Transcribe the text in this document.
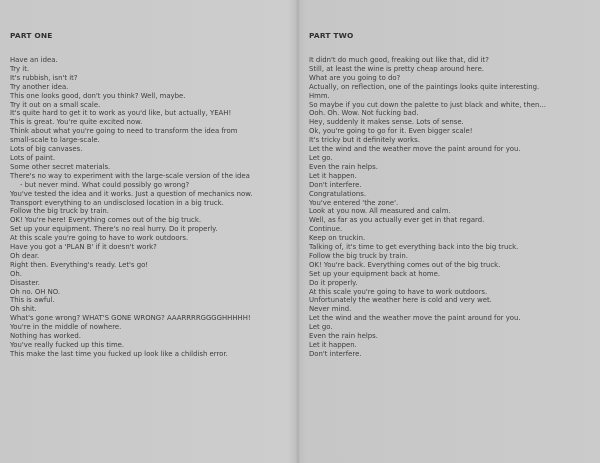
PART ONE
Have an idea.
Try it.
It's rubbish, isn't it?
Try another idea.
This one looks good, don't you think? Well, maybe.
Try it out on a small scale.
It's quite hard to get it to work as you'd like, but actually, YEAH!
This is great. You're quite excited now.
Think about what you're going to need to transform the idea from
small-scale to large-scale.
Lots of big canvases.
Lots of paint.
Some other secret materials.
There's no way to experiment with the large-scale version of the idea
- but never mind. What could possibly go wrong?
You've tested the idea and it works. Just a question of mechanics now.
Transport everything to an undisclosed location in a big truck.
Follow the big truck by train.
OK! You're here! Everything comes out of the big truck.
Set up your equipment. There's no real hurry. Do it properly.
At this scale you're going to have to work outdoors.
Have you got a 'PLAN B' if it doesn't work?
Oh dear.
Right then. Everything's ready. Let's go!
Oh.
Disaster.
Oh no. OH NO.
This is awful.
Oh shit.
What's gone wrong? WHAT'S GONE WRONG? AAARRRRGGGGHHHHH!
You're in the middle of nowhere.
Nothing has worked.
You've really fucked up this time.
This make the last time you fucked up look like a childish error.
PART TWO
It didn't do much good, freaking out like that, did it?
Still, at least the wine is pretty cheap around here.
What are you going to do?
Actually, on reflection, one of the paintings looks quite interesting.
Hmm.
So maybe if you cut down the palette to just black and white, then...
Ooh. Oh. Wow. Not fucking bad.
Hey, suddenly it makes sense. Lots of sense.
Ok, you're going to go for it. Even bigger scale!
It's tricky but it definitely works.
Let the wind and the weather move the paint around for you.
Let go.
Even the rain helps.
Let it happen.
Don't interfere.
Congratulations.
You've entered 'the zone'.
Look at you now. All measured and calm.
Well, as far as you actually ever get in that regard.
Continue.
Keep on truckin.
Talking of, it's time to get everything back into the big truck.
Follow the big truck by train.
OK! You're back. Everything comes out of the big truck.
Set up your equipment back at home.
Do it properly.
At this scale you're going to have to work outdoors.
Unfortunately the weather here is cold and very wet.
Never mind.
Let the wind and the weather move the paint around for you.
Let go.
Even the rain helps.
Let it happen.
Don't interfere.
